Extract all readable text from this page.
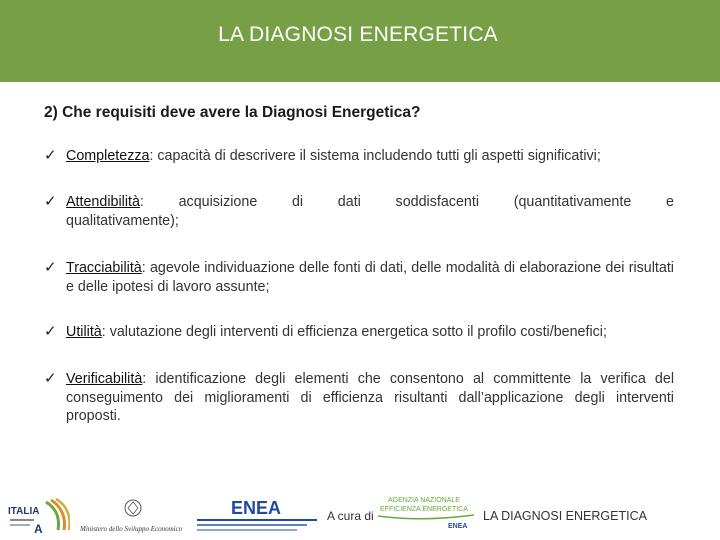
LA DIAGNOSI ENERGETICA
2) Che requisiti deve avere la Diagnosi Energetica?
✓ Completezza: capacità di descrivere il sistema includendo tutti gli aspetti significativi;
✓ Attendibilità: acquisizione di dati soddisfacenti (quantitativamente e
qualitativamente);
✓ Tracciabilità: agevole individuazione delle fonti di dati, delle modalità di elaborazione dei risultati e delle ipotesi di lavoro assunte;
✓ Utilità: valutazione degli interventi di efficienza energetica sotto il profilo costi/benefici;
✓ Verificabilità: identificazione degli elementi che consentono al committente la verifica del conseguimento dei miglioramenti di efficienza risultanti dall’applicazione degli interventi proposti.
ITALIA
A	Ministero dello Sviluppo Economico
ENEA	A cura di
AGENZIA NAZIONALE
EFFICIENZA ENERGETICA
ENEA
LA DIAGNOSI ENERGETICA
